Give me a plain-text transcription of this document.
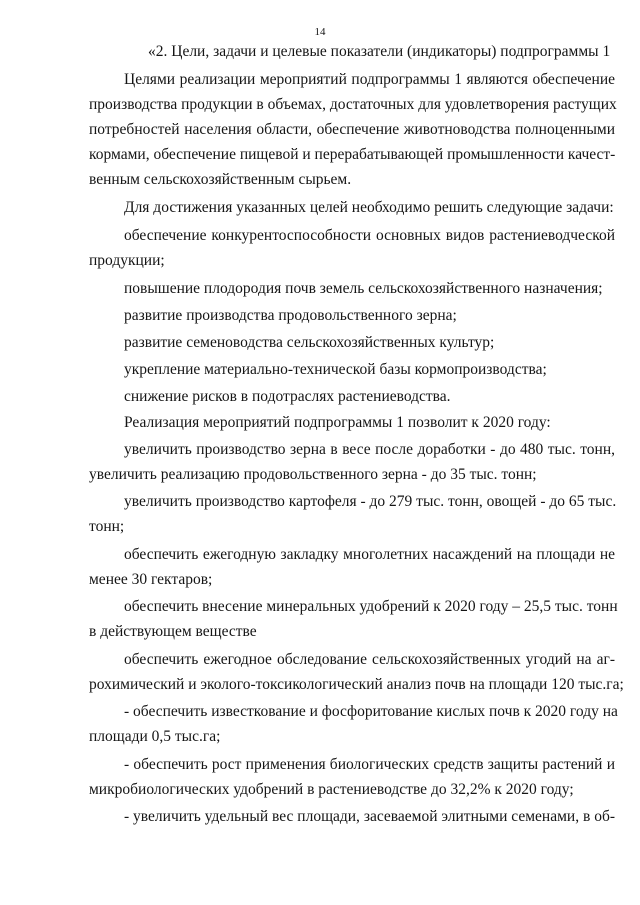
14
«2. Цели, задачи и целевые показатели (индикаторы) подпрограммы 1
Целями реализации мероприятий подпрограммы 1 являются обеспечение
производства продукции в объемах, достаточных для удовлетворения растущих
потребностей населения области, обеспечение животноводства полноценными
кормами, обеспечение пищевой и перерабатывающей промышленности качест-
венным сельскохозяйственным сырьем.
Для достижения указанных целей необходимо решить следующие задачи:
обеспечение конкурентоспособности основных видов растениеводческой
продукции;
повышение плодородия почв земель сельскохозяйственного назначения;
развитие производства продовольственного зерна;
развитие семеноводства сельскохозяйственных культур;
укрепление материально-технической базы кормопроизводства;
снижение рисков в подотраслях растениеводства.
Реализация мероприятий подпрограммы 1 позволит к 2020 году:
увеличить производство зерна в весе после доработки - до 480 тыс. тонн,
увеличить реализацию продовольственного зерна - до 35 тыс. тонн;
увеличить производство картофеля - до 279 тыс. тонн, овощей - до 65 тыс.
тонн;
обеспечить ежегодную закладку многолетних насаждений на площади не
менее 30 гектаров;
обеспечить внесение минеральных удобрений к 2020 году – 25,5 тыс. тонн
в действующем веществе
обеспечить ежегодное обследование сельскохозяйственных угодий на аг-
рохимический и эколого-токсикологический анализ почв на площади 120 тыс.га;
- обеспечить известкование и фосфоритование кислых почв к 2020 году на
площади 0,5 тыс.га;
- обеспечить рост применения биологических средств защиты растений и
микробиологических удобрений в растениеводстве до 32,2% к 2020 году;
- увеличить удельный вес площади, засеваемой элитными семенами, в об-
